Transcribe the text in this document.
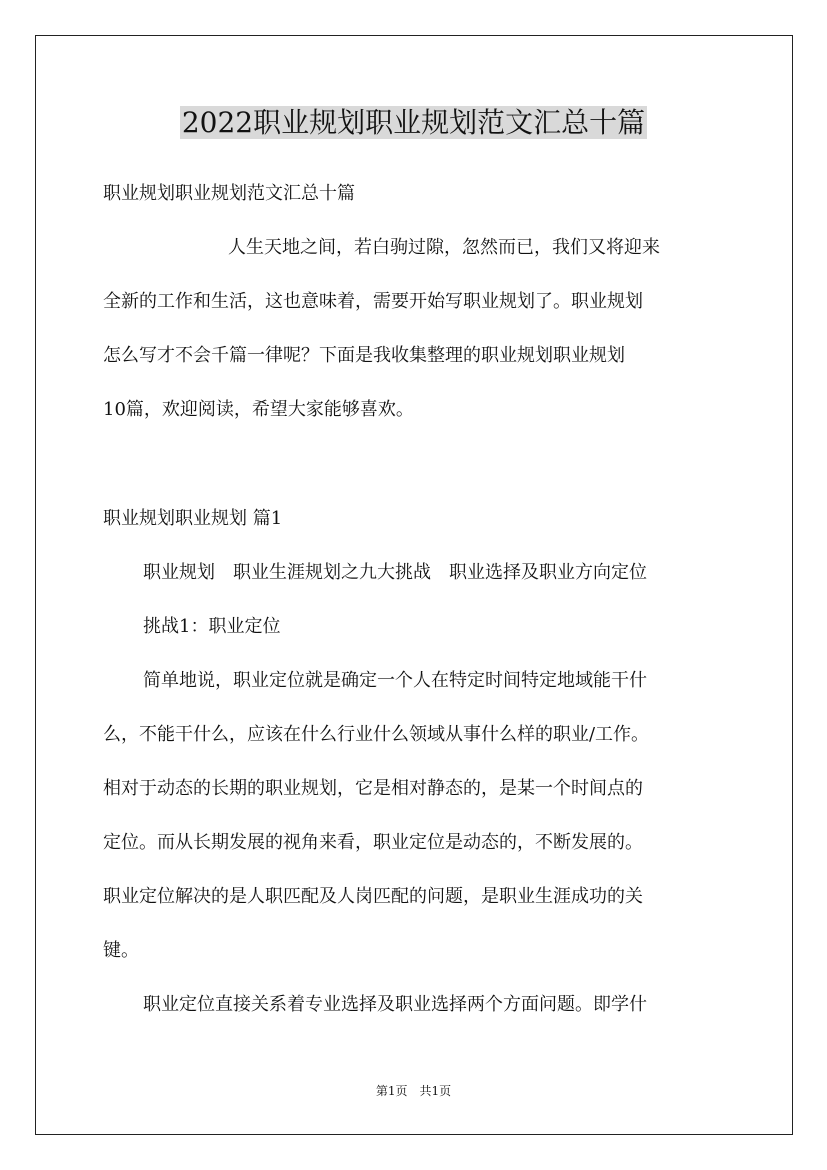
2022职业规划职业规划范文汇总十篇
职业规划职业规划范文汇总十篇
人生天地之间，若白驹过隙，忽然而已，我们又将迎来
全新的工作和生活，这也意味着，需要开始写职业规划了。职业规划
怎么写才不会千篇一律呢？下面是我收集整理的职业规划职业规划
10篇，欢迎阅读，希望大家能够喜欢。
职业规划职业规划 篇1
职业规划　职业生涯规划之九大挑战　职业选择及职业方向定位
挑战1：职业定位
简单地说，职业定位就是确定一个人在特定时间特定地域能干什
么，不能干什么，应该在什么行业什么领域从事什么样的职业/工作。
相对于动态的长期的职业规划，它是相对静态的，是某一个时间点的
定位。而从长期发展的视角来看，职业定位是动态的，不断发展的。
职业定位解决的是人职匹配及人岗匹配的问题，是职业生涯成功的关
键。
职业定位直接关系着专业选择及职业选择两个方面问题。即学什
第1页　共1页
